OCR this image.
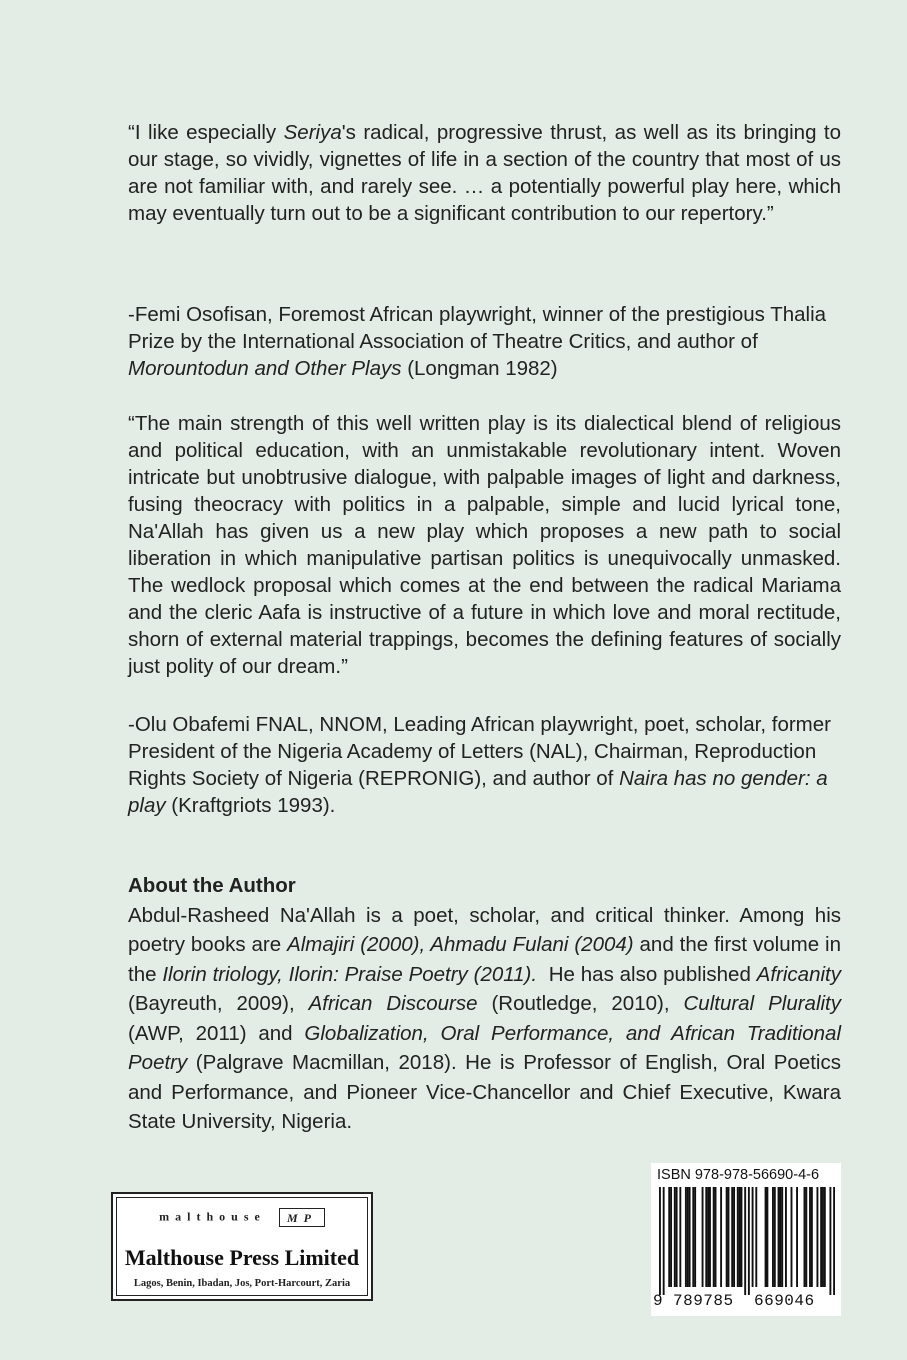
“I like especially Seriya's radical, progressive thrust, as well as its bringing to our stage, so vividly, vignettes of life in a section of the country that most of us are not familiar with, and rarely see. … a potentially powerful play here, which may eventually turn out to be a significant contribution to our repertory.”

-Femi Osofisan, Foremost African playwright, winner of the prestigious Thalia Prize by the International Association of Theatre Critics, and author of Morountodun and Other Plays (Longman 1982)

“The main strength of this well written play is its dialectical blend of religious and political education, with an unmistakable revolutionary intent. Woven intricate but unobtrusive dialogue, with palpable images of light and darkness, fusing theocracy with politics in a palpable, simple and lucid lyrical tone, Na'Allah has given us a new play which proposes a new path to social liberation in which manipulative partisan politics is unequivocally unmasked. The wedlock proposal which comes at the end between the radical Mariama and the cleric Aafa is instructive of a future in which love and moral rectitude, shorn of external material trappings, becomes the defining features of socially just polity of our dream.”

-Olu Obafemi FNAL, NNOM, Leading African playwright, poet, scholar, former President of the Nigeria Academy of Letters (NAL), Chairman, Reproduction Rights Society of Nigeria (REPRONIG), and author of Naira has no gender: a play (Kraftgriots 1993).

About the Author

Abdul-Rasheed Na'Allah is a poet, scholar, and critical thinker. Among his poetry books are Almajiri (2000), Ahmadu Fulani (2004) and the first volume in the Ilorin triology, Ilorin: Praise Poetry (2011).  He has also published Africanity (Bayreuth, 2009), African Discourse (Routledge, 2010), Cultural Plurality (AWP, 2011) and Globalization, Oral Performance, and African Traditional Poetry (Palgrave Macmillan, 2018). He is Professor of English, Oral Poetics and Performance, and Pioneer Vice-Chancellor and Chief Executive, Kwara State University, Nigeria.

malthouse MP
Malthouse Press Limited
Lagos, Benin, Ibadan, Jos, Port-Harcourt, Zaria
ISBN 978-978-56690-4-6
9 789785 669046
